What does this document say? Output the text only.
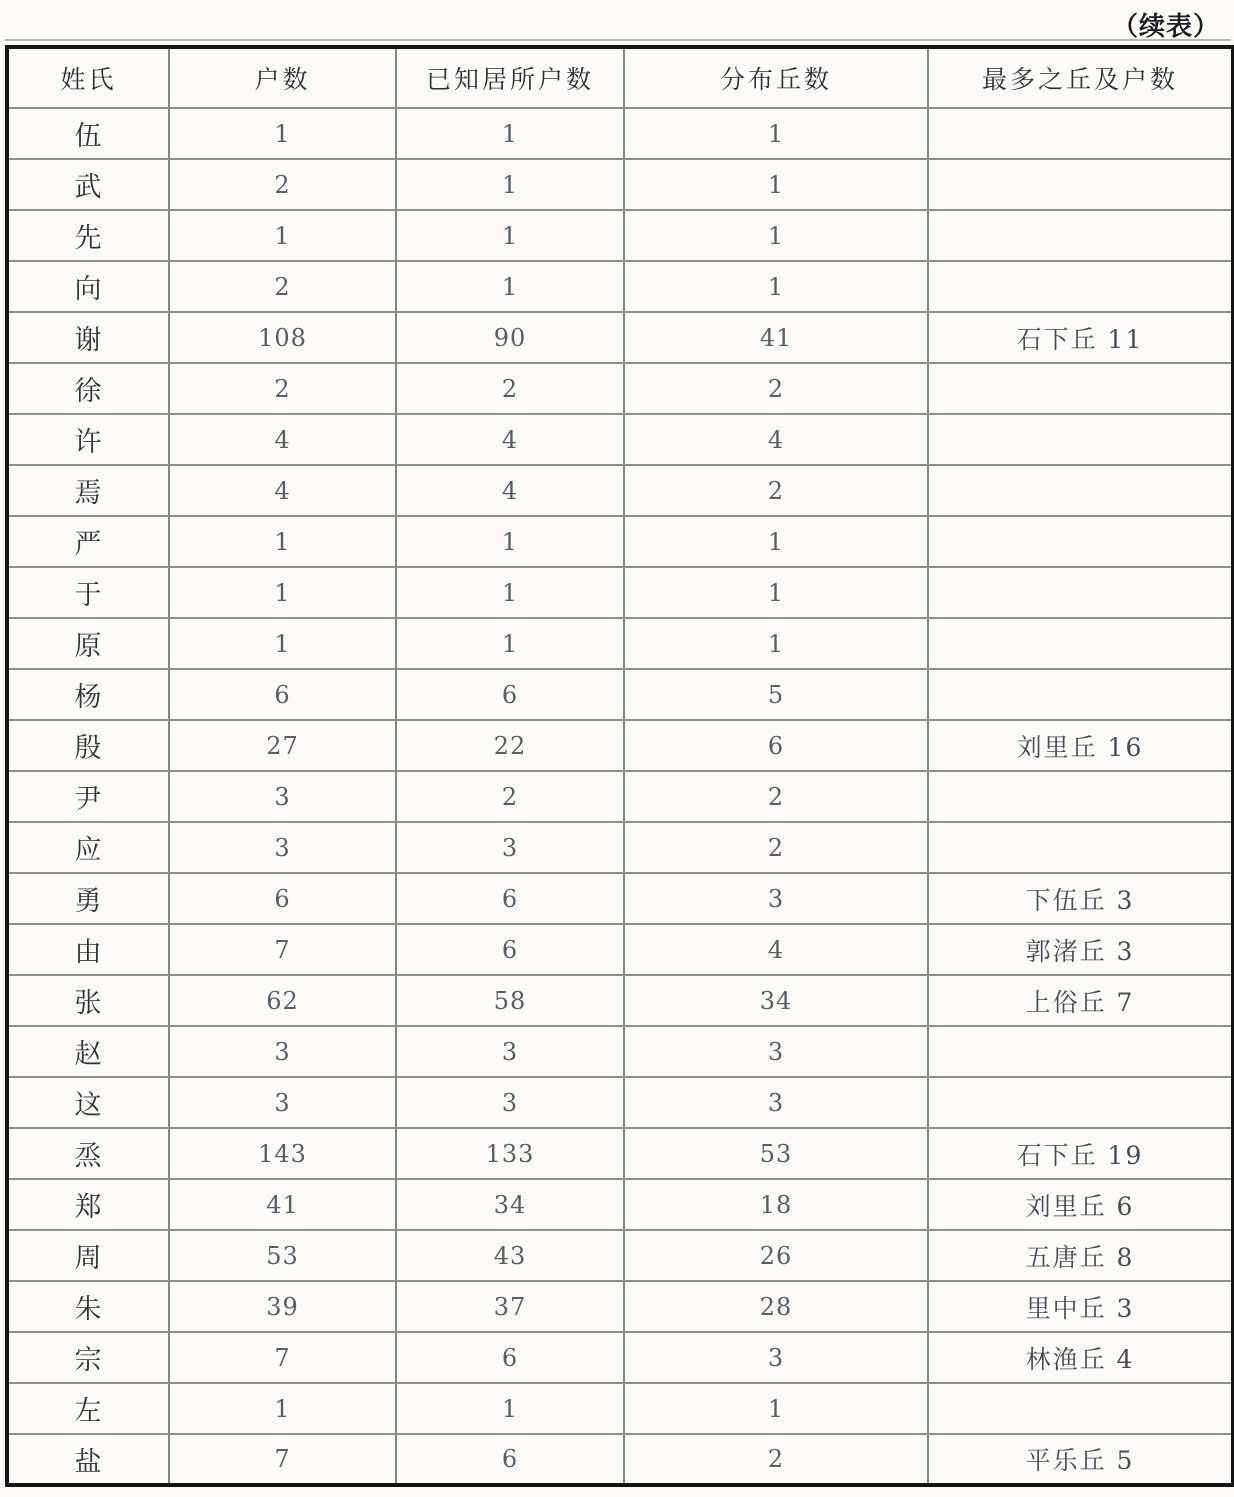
（续表）
姓氏	户数	已知居所户数	分布丘数	最多之丘及户数
伍	1	1	1	
武	2	1	1	
先	1	1	1	
向	2	1	1	
谢	108	90	41	石下丘 11
徐	2	2	2	
许	4	4	4	
焉	4	4	2	
严	1	1	1	
于	1	1	1	
原	1	1	1	
杨	6	6	5	
殷	27	22	6	刘里丘 16
尹	3	2	2	
应	3	3	2	
勇	6	6	3	下伍丘 3
由	7	6	4	郭渚丘 3
张	62	58	34	上俗丘 7
赵	3	3	3	
这	3	3	3	
烝	143	133	53	石下丘 19
郑	41	34	18	刘里丘 6
周	53	43	26	五唐丘 8
朱	39	37	28	里中丘 3
宗	7	6	3	林渔丘 4
左	1	1	1	
盐	7	6	2	平乐丘 5
